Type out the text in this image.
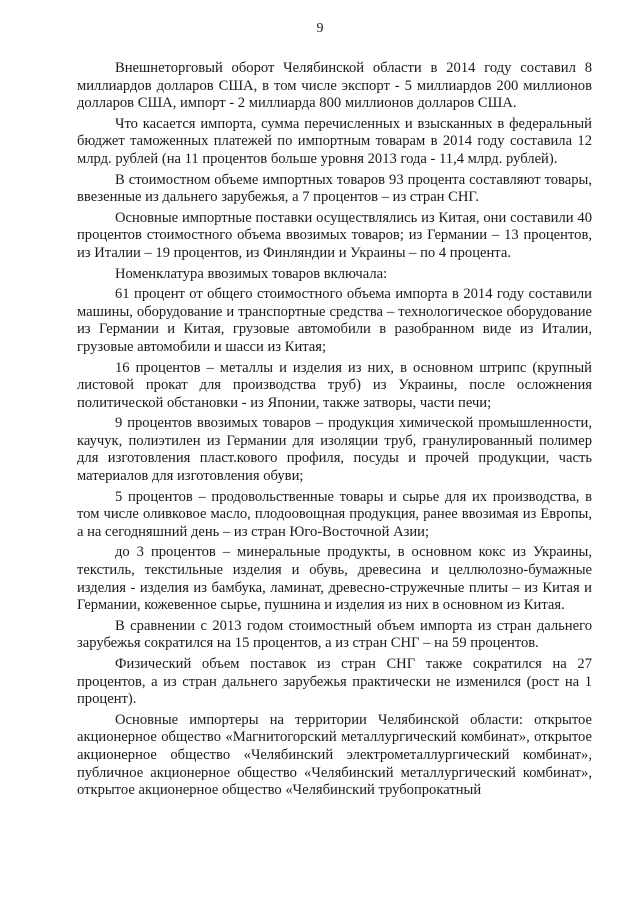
9

Внешнеторговый оборот Челябинской области в 2014 году составил 8 миллиардов долларов США, в том числе экспорт - 5 миллиардов 200 миллионов долларов США, импорт - 2 миллиарда 800 миллионов долларов США.

Что касается импорта, сумма перечисленных и взысканных в федеральный бюджет таможенных платежей по импортным товарам в 2014 году составила 12 млрд. рублей (на 11 процентов больше уровня 2013 года - 11,4 млрд. рублей).

В стоимостном объеме импортных товаров 93 процента составляют товары, ввезенные из дальнего зарубежья, а 7 процентов – из стран СНГ.

Основные импортные поставки осуществлялись из Китая, они составили 40 процентов стоимостного объема ввозимых товаров; из Германии – 13 процентов, из Италии – 19 процентов, из Финляндии и Украины – по 4 процента.

Номенклатура ввозимых товаров включала:

61 процент от общего стоимостного объема импорта в 2014 году составили машины, оборудование и транспортные средства – технологическое оборудование из Германии и Китая, грузовые автомобили в разобранном виде из Италии, грузовые автомобили и шасси из Китая;

16 процентов – металлы и изделия из них, в основном штрипс (крупный листовой прокат для производства труб) из Украины, после осложнения политической обстановки - из Японии, также затворы, части печи;

9 процентов ввозимых товаров – продукция химической промышленности, каучук, полиэтилен из Германии для изоляции труб, гранулированный полимер для изготовления пласт.кового профиля, посуды и прочей продукции, часть материалов для изготовления обуви;

5 процентов – продовольственные товары и сырье для их производства, в том числе оливковое масло, плодоовощная продукция, ранее ввозимая из Европы, а на сегодняшний день – из стран Юго-Восточной Азии;

до 3 процентов – минеральные продукты, в основном кокс из Украины, текстиль, текстильные изделия и обувь, древесина и целлюлозно-бумажные изделия - изделия из бамбука, ламинат, древесно-стружечные плиты – из Китая и Германии, кожевенное сырье, пушнина и изделия из них в основном из Китая.

В сравнении с 2013 годом стоимостный объем импорта из стран дальнего зарубежья сократился на 15 процентов, а из стран СНГ – на 59 процентов.

Физический объем поставок из стран СНГ также сократился на 27 процентов, а из стран дальнего зарубежья практически не изменился (рост на 1 процент).

Основные импортеры на территории Челябинской области: открытое акционерное общество «Магнитогорский металлургический комбинат», открытое акционерное общество «Челябинский электрометаллургический комбинат», публичное акционерное общество «Челябинский металлургический комбинат», открытое акционерное общество «Челябинский трубопрокатный
